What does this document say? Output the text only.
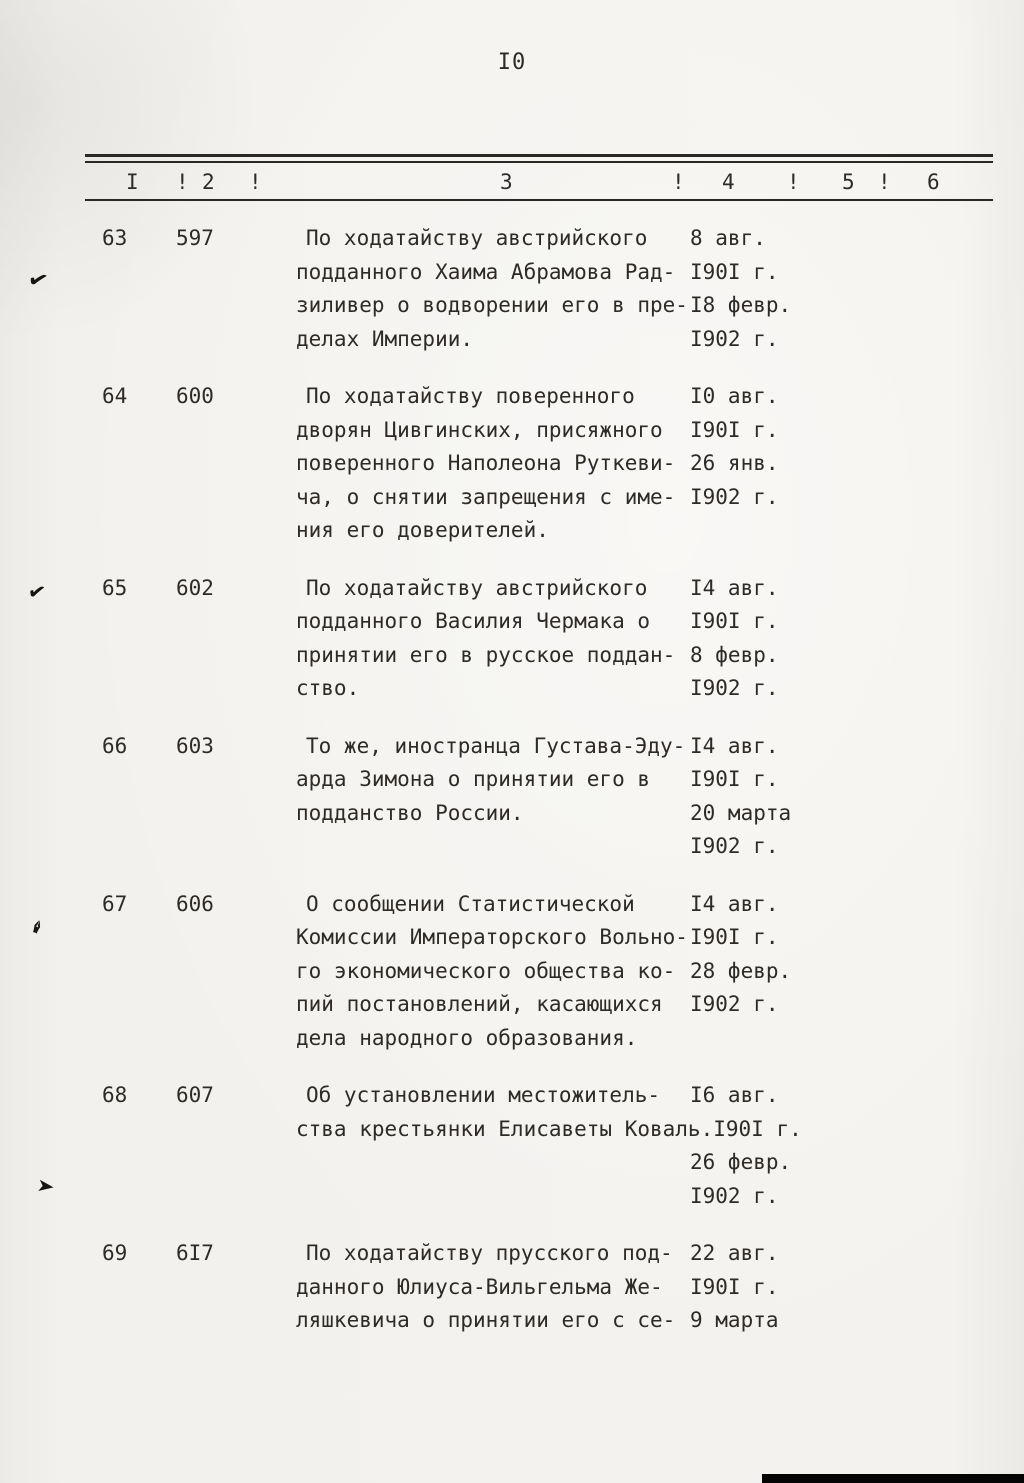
I0
I ! 2 !	3	! 4 ! 5 ! 6
63 597	По ходатайству австрийского	8 авг.
подданного Хаима Абрамова Рад- I90I г.
зиливер о водворении его в пре- I8 февр.
делах Империи.	I902 г.
64 600	По ходатайству поверенного	I0 авг.
дворян Цивгинских, присяжного	I90I г.
поверенного Наполеона Руткеви- 26 янв.
ча, о снятии запрещения с име- I902 г.
ния его доверителей.
65 602	По ходатайству австрийского	I4 авг.
подданного Василия Чермака о	I90I г.
принятии его в русское поддан- 8 февр.
ство.	I902 г.
66 603	То же, иностранца Густава-Эду- I4 авг.
арда Зимона о принятии его в	I90I г.
подданство России.	20 марта
I902 г.
67 606	О сообщении Статистической	I4 авг.
Комиссии Императорского Вольно- I90I г.
го экономического общества ко- 28 февр.
пий постановлений, касающихся	I902 г.
дела народного образования.
68 607	Об установлении местожитель-	I6 авг.
ства крестьянки Елисаветы Коваль. I90I г.
26 февр.
I902 г.
69 6I7	По ходатайству прусского под- 22 авг.
данного Юлиуса-Вильгельма Же-	I90I г.
ляшкевича о принятии его с се- 9 марта
✔
✔
✒
➤
